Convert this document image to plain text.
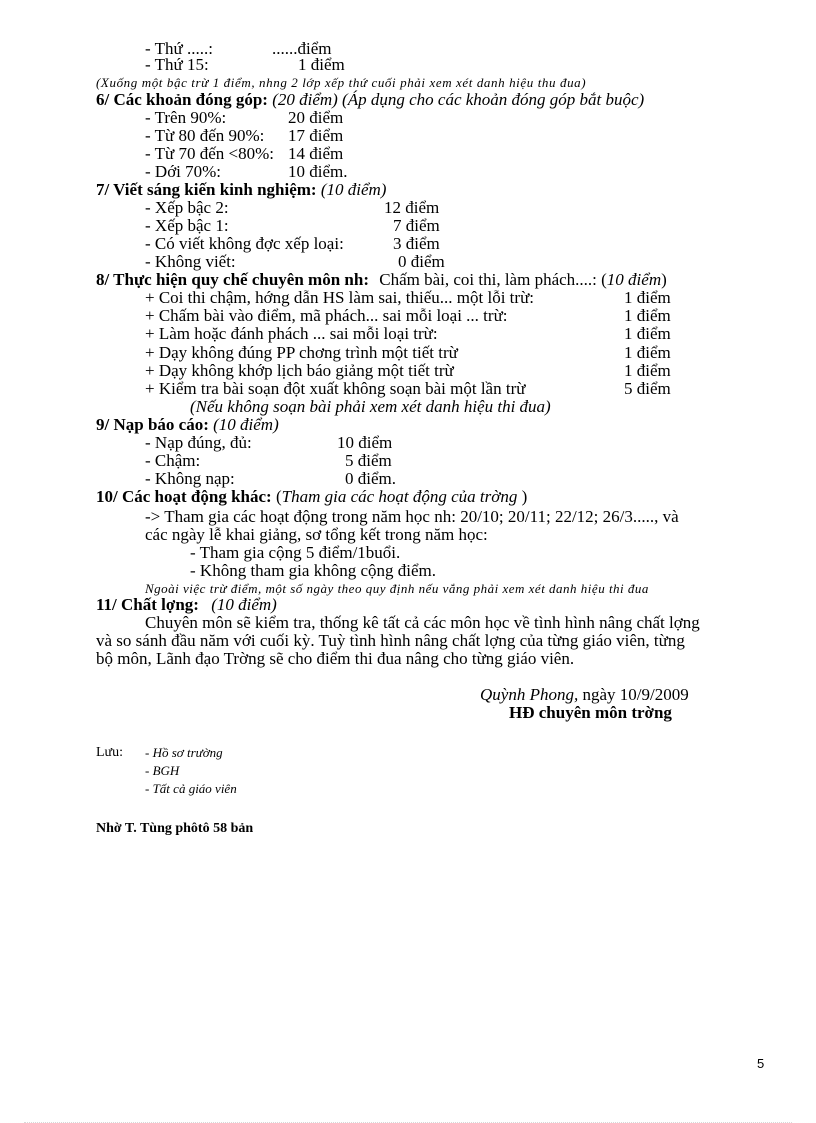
- Thứ .....:	......điểm
- Thứ 15:	1 điểm
(Xuống một bậc trừ 1 điểm, nhng 2 lớp xếp thứ cuối phải xem xét danh hiệu thu đua)
6/ Các khoản đóng góp: (20 điểm) (Áp dụng cho các khoản đóng góp bắt buộc)
- Trên 90%:	20 điểm
- Từ 80 đến 90%: 17 điểm
- Từ 70 đến <80%: 14 điểm
- Dới 70%:	10 điểm.
7/ Viết sáng kiến kinh nghiệm: (10 điểm)
- Xếp bậc 2:	12 điểm
- Xếp bậc 1:	7 điểm
- Có viết không đợc xếp loại:	3 điểm
- Không viết:	0 điểm
8/ Thực hiện quy chế chuyên môn nh: Chấm bài, coi thi, làm phách....: (10 điểm)
+ Coi thi chậm, hớng dẫn HS làm sai, thiếu... một lỗi trừ:	1 điểm
+ Chấm bài vào điểm, mã phách... sai mỗi loại ... trừ:	1 điểm
+ Làm hoặc đánh phách ... sai mỗi loại trừ:	1 điểm
+ Dạy không đúng PP chơng trình một tiết trừ	1 điểm
+ Dạy không khớp lịch báo giảng một tiết trừ	1 điểm
+ Kiểm tra bài soạn đột xuất không soạn bài một lần trừ	5 điểm
(Nếu không soạn bài phải xem xét danh hiệu thi đua)
9/ Nạp báo cáo: (10 điểm)
- Nạp đúng, đủ:	10 điểm
- Chậm:	5 điểm
- Không nạp:	0 điểm.
10/ Các hoạt động khác: (Tham gia các hoạt động của trờng )
-> Tham gia các hoạt động trong năm học nh: 20/10; 20/11; 22/12; 26/3....., và
các ngày lễ khai giảng, sơ tổng kết trong năm học:
- Tham gia cộng 5 điểm/1buổi.
- Không tham gia không cộng điểm.
Ngoài việc trừ điểm, một số ngày theo quy định nếu vắng phải xem xét danh hiệu thi đua
11/ Chất lợng: (10 điểm)
Chuyên môn sẽ kiểm tra, thống kê tất cả các môn học về tình hình nâng chất lợng
và so sánh đầu năm với cuối kỳ. Tuỳ tình hình nâng chất lợng của từng giáo viên, từng
bộ môn, Lãnh đạo Trờng sẽ cho điểm thi đua nâng cho từng giáo viên.
Quỳnh Phong, ngày 10/9/2009
HĐ chuyên môn trờng
Lưu: - Hồ sơ trường
- BGH
- Tất cả giáo viên
Nhờ T. Tùng phôtô 58 bản
5
